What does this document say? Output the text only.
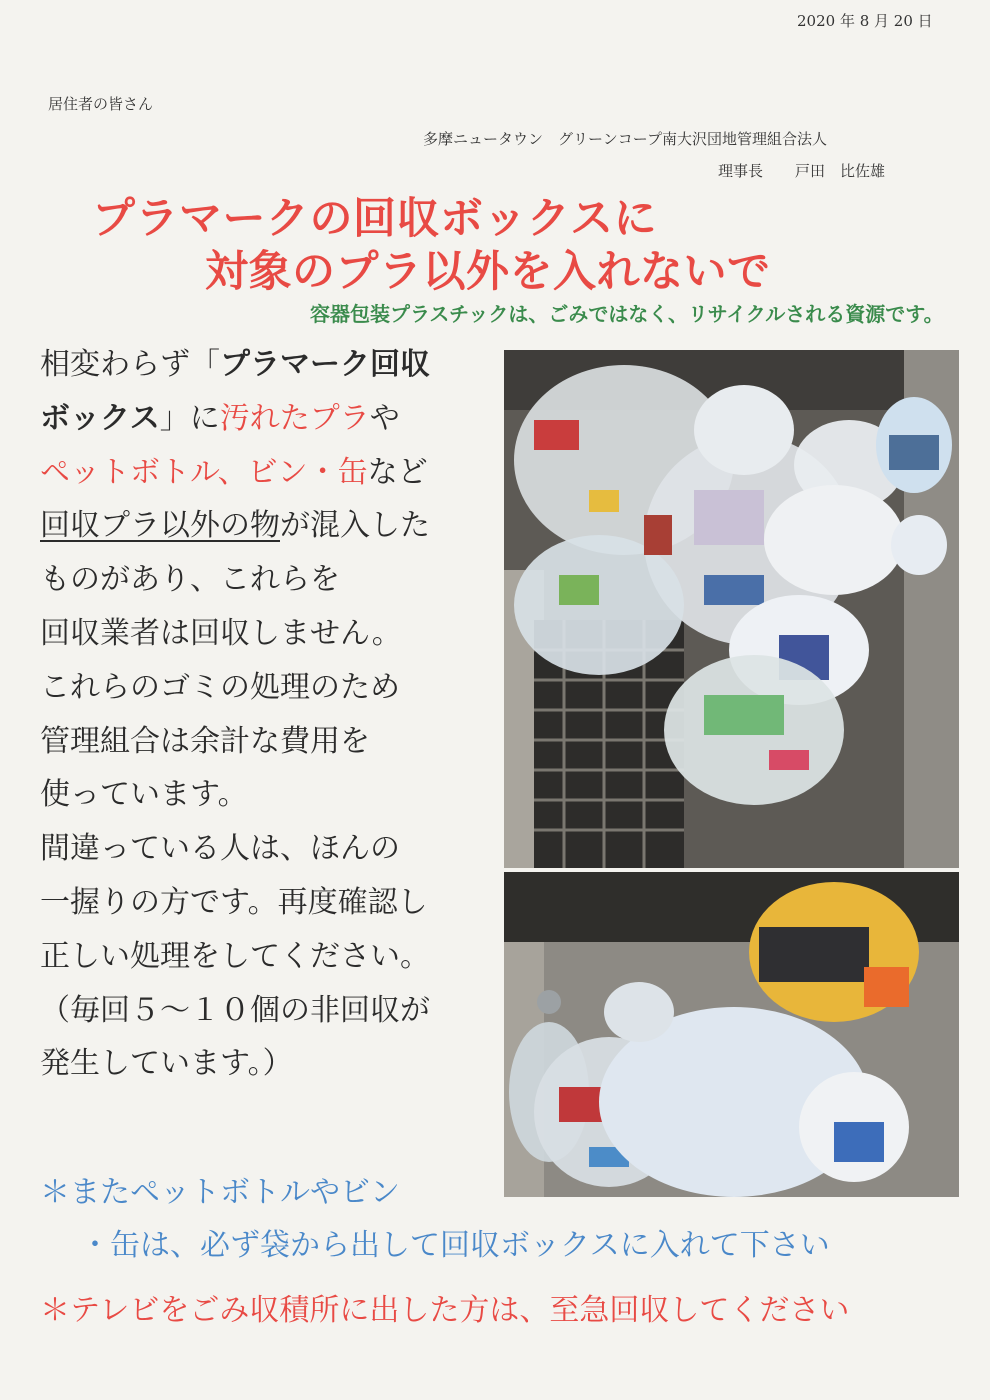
2020 年 8 月 20 日
居住者の皆さん
多摩ニュータウン　グリーンコープ南大沢団地管理組合法人
理事長 戸田　比佐雄
プラマークの回収ボックスに
対象のプラ以外を入れないで
容器包装プラスチックは、ごみではなく、リサイクルされる資源です。
相変わらず「プラマーク回収
ボックス」に汚れたプラや
ペットボトル、ビン・缶など
回収プラ以外の物が混入した
ものがあり、これらを
回収業者は回収しません。
これらのゴミの処理のため
管理組合は余計な費用を
使っています。
間違っている人は、ほんの
一握りの方です。再度確認し
正しい処理をしてください。
（毎回５～１０個の非回収が
発生しています。）
＊またペットボトルやビン
・缶は、必ず袋から出して回収ボックスに入れて下さい
＊テレビをごみ収積所に出した方は、至急回収してください
